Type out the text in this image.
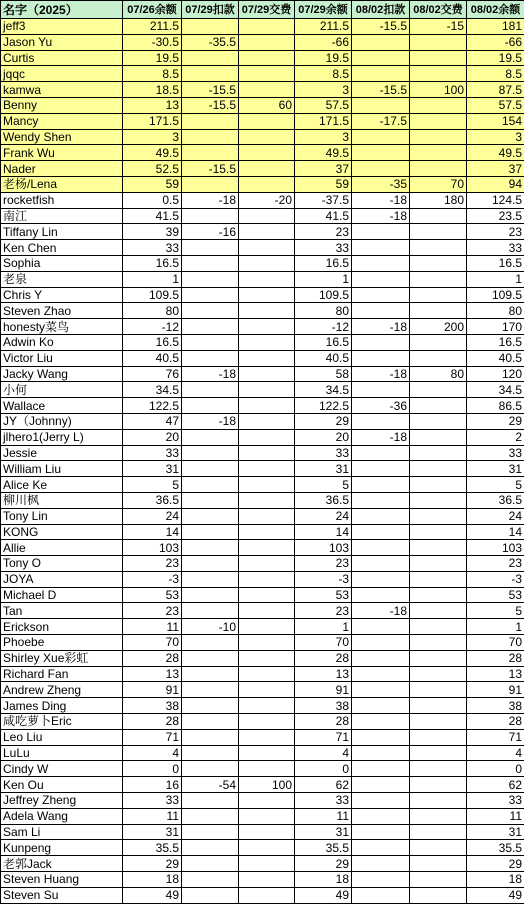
名字（2025）	07/26余额	07/29扣款	07/29交费	07/29余额	08/02扣款	08/02交费	08/02余额
jeff3	211.5			211.5	-15.5	-15	181
Jason Yu	-30.5	-35.5		-66			-66
Curtis	19.5			19.5			19.5
jqqc	8.5			8.5			8.5
kamwa	18.5	-15.5		3	-15.5	100	87.5
Benny	13	-15.5	60	57.5			57.5
Mancy	171.5			171.5	-17.5		154
Wendy Shen	3			3			3
Frank Wu	49.5			49.5			49.5
Nader	52.5	-15.5		37			37
老杨/Lena	59			59	-35	70	94
rocketfish	0.5	-18	-20	-37.5	-18	180	124.5
南江	41.5			41.5	-18		23.5
Tiffany Lin	39	-16		23			23
Ken Chen	33			33			33
Sophia	16.5			16.5			16.5
老泉	1			1			1
Chris Y	109.5			109.5			109.5
Steven Zhao	80			80			80
honesty菜鸟	-12			-12	-18	200	170
Adwin Ko	16.5			16.5			16.5
Victor Liu	40.5			40.5			40.5
Jacky Wang	76	-18		58	-18	80	120
小何	34.5			34.5			34.5
Wallace	122.5			122.5	-36		86.5
JY（Johnny)	47	-18		29			29
jlhero1(Jerry L)	20			20	-18		2
Jessie	33			33			33
William Liu	31			31			31
Alice Ke	5			5			5
柳川枫	36.5			36.5			36.5
Tony Lin	24			24			24
KONG	14			14			14
Allie	103			103			103
Tony O	23			23			23
JOYA	-3			-3			-3
Michael D	53			53			53
Tan	23			23	-18		5
Erickson	11	-10		1			1
Phoebe	70			70			70
Shirley Xue彩虹	28			28			28
Richard Fan	13			13			13
Andrew Zheng	91			91			91
James Ding	38			38			38
咸吃萝卜Eric	28			28			28
Leo Liu	71			71			71
LuLu	4			4			4
Cindy W	0			0			0
Ken Ou	16	-54	100	62			62
Jeffrey Zheng	33			33			33
Adela Wang	11			11			11
Sam Li	31			31			31
Kunpeng	35.5			35.5			35.5
老郭Jack	29			29			29
Steven Huang	18			18			18
Steven Su	49			49			49
